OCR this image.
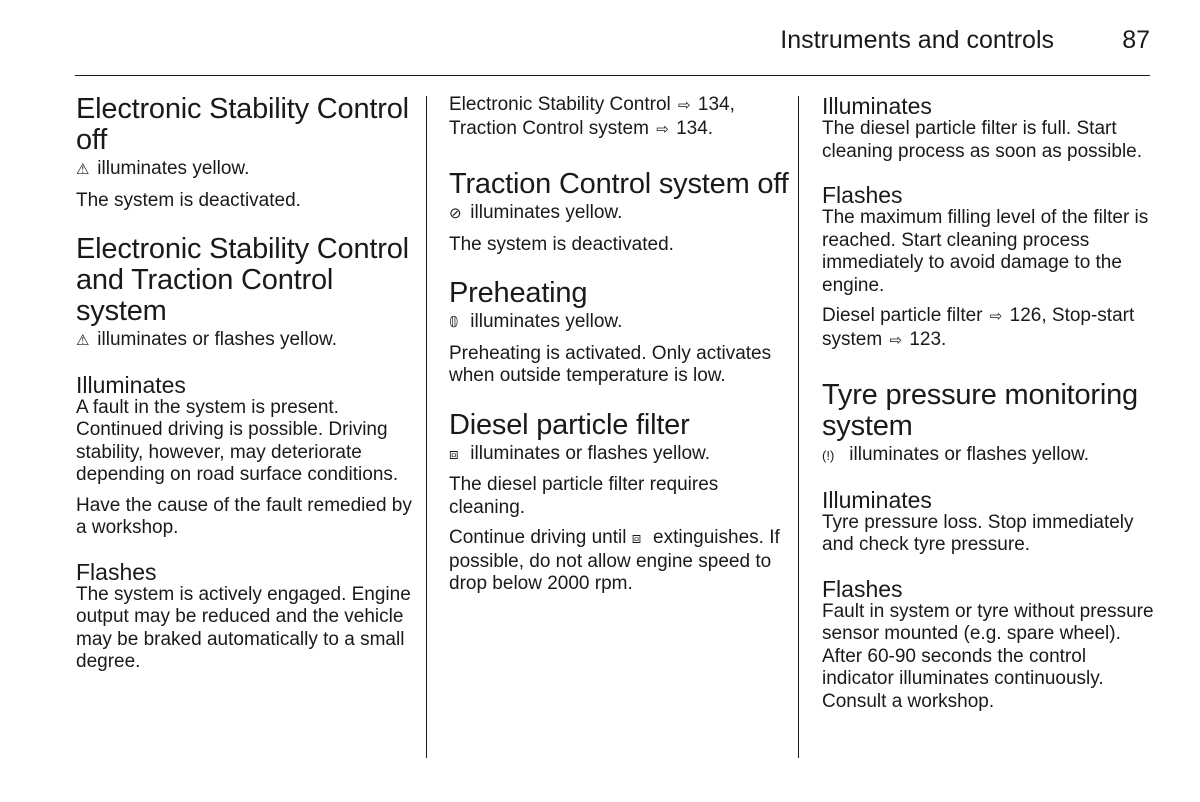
Instruments and controls	87
Electronic Stability Control off

⚠ illuminates yellow.

The system is deactivated.

Electronic Stability Control and Traction Control system

⚠ illuminates or flashes yellow.

Illuminates

A fault in the system is present. Continued driving is possible. Driving stability, however, may deteriorate depending on road surface conditions.

Have the cause of the fault remedied by a workshop.

Flashes

The system is actively engaged. Engine output may be reduced and the vehicle may be braked automatically to a small degree.

Electronic Stability Control ⇨ 134,
Traction Control system ⇨ 134.

Traction Control system off

⊘ illuminates yellow.

The system is deactivated.

Preheating

𝟘 illuminates yellow.

Preheating is activated. Only activates when outside temperature is low.

Diesel particle filter

⧈ illuminates or flashes yellow.

The diesel particle filter requires cleaning.

Continue driving until ⧈ extinguishes. If possible, do not allow engine speed to drop below 2000 rpm.

Illuminates

The diesel particle filter is full. Start cleaning process as soon as possible.

Flashes

The maximum filling level of the filter is reached. Start cleaning process immediately to avoid damage to the engine.

Diesel particle filter ⇨ 126, Stop-start
system ⇨ 123.

Tyre pressure monitoring system

(!) illuminates or flashes yellow.

Illuminates

Tyre pressure loss. Stop immediately and check tyre pressure.

Flashes

Fault in system or tyre without pressure sensor mounted (e.g. spare wheel). After 60-90 seconds the control indicator illuminates continuously. Consult a workshop.
